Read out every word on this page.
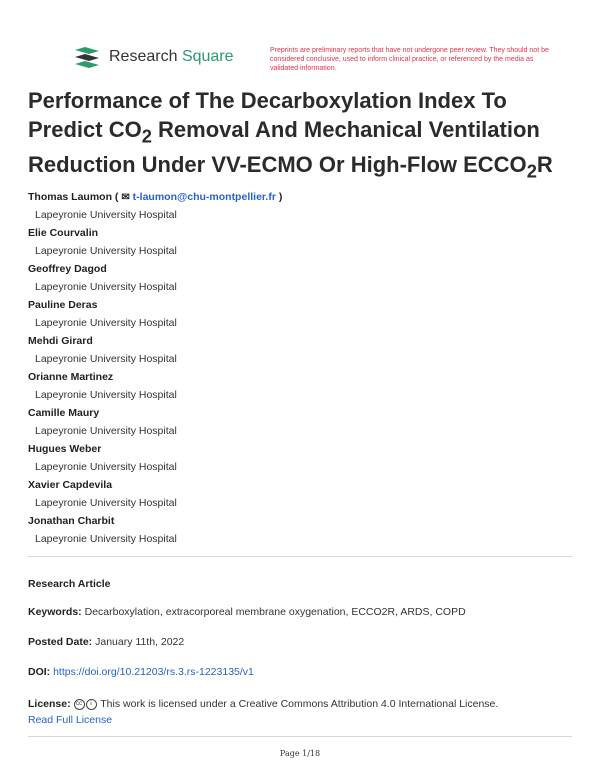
Research Square	Preprints are preliminary reports that have not undergone peer review. They should not be considered conclusive, used to inform clinical practice, or referenced by the media as validated information.
Performance of The Decarboxylation Index To Predict $CO_2$ Removal And Mechanical Ventilation Reduction Under VV-ECMO Or High-Flow $ECCO_2R$
Thomas Laumon ( ✉ t-laumon@chu-montpellier.fr )
Lapeyronie University Hospital
Elie Courvalin
Lapeyronie University Hospital
Geoffrey Dagod
Lapeyronie University Hospital
Pauline Deras
Lapeyronie University Hospital
Mehdi Girard
Lapeyronie University Hospital
Orianne Martinez
Lapeyronie University Hospital
Camille Maury
Lapeyronie University Hospital
Hugues Weber
Lapeyronie University Hospital
Xavier Capdevila
Lapeyronie University Hospital
Jonathan Charbit
Lapeyronie University Hospital
Research Article
Keywords: Decarboxylation, extracorporeal membrane oxygenation, ECCO2R, ARDS, COPD
Posted Date: January 11th, 2022
DOI: https://doi.org/10.21203/rs.3.rs-1223135/v1
License: cc i This work is licensed under a Creative Commons Attribution 4.0 International License.
Read Full License
Page 1/18
